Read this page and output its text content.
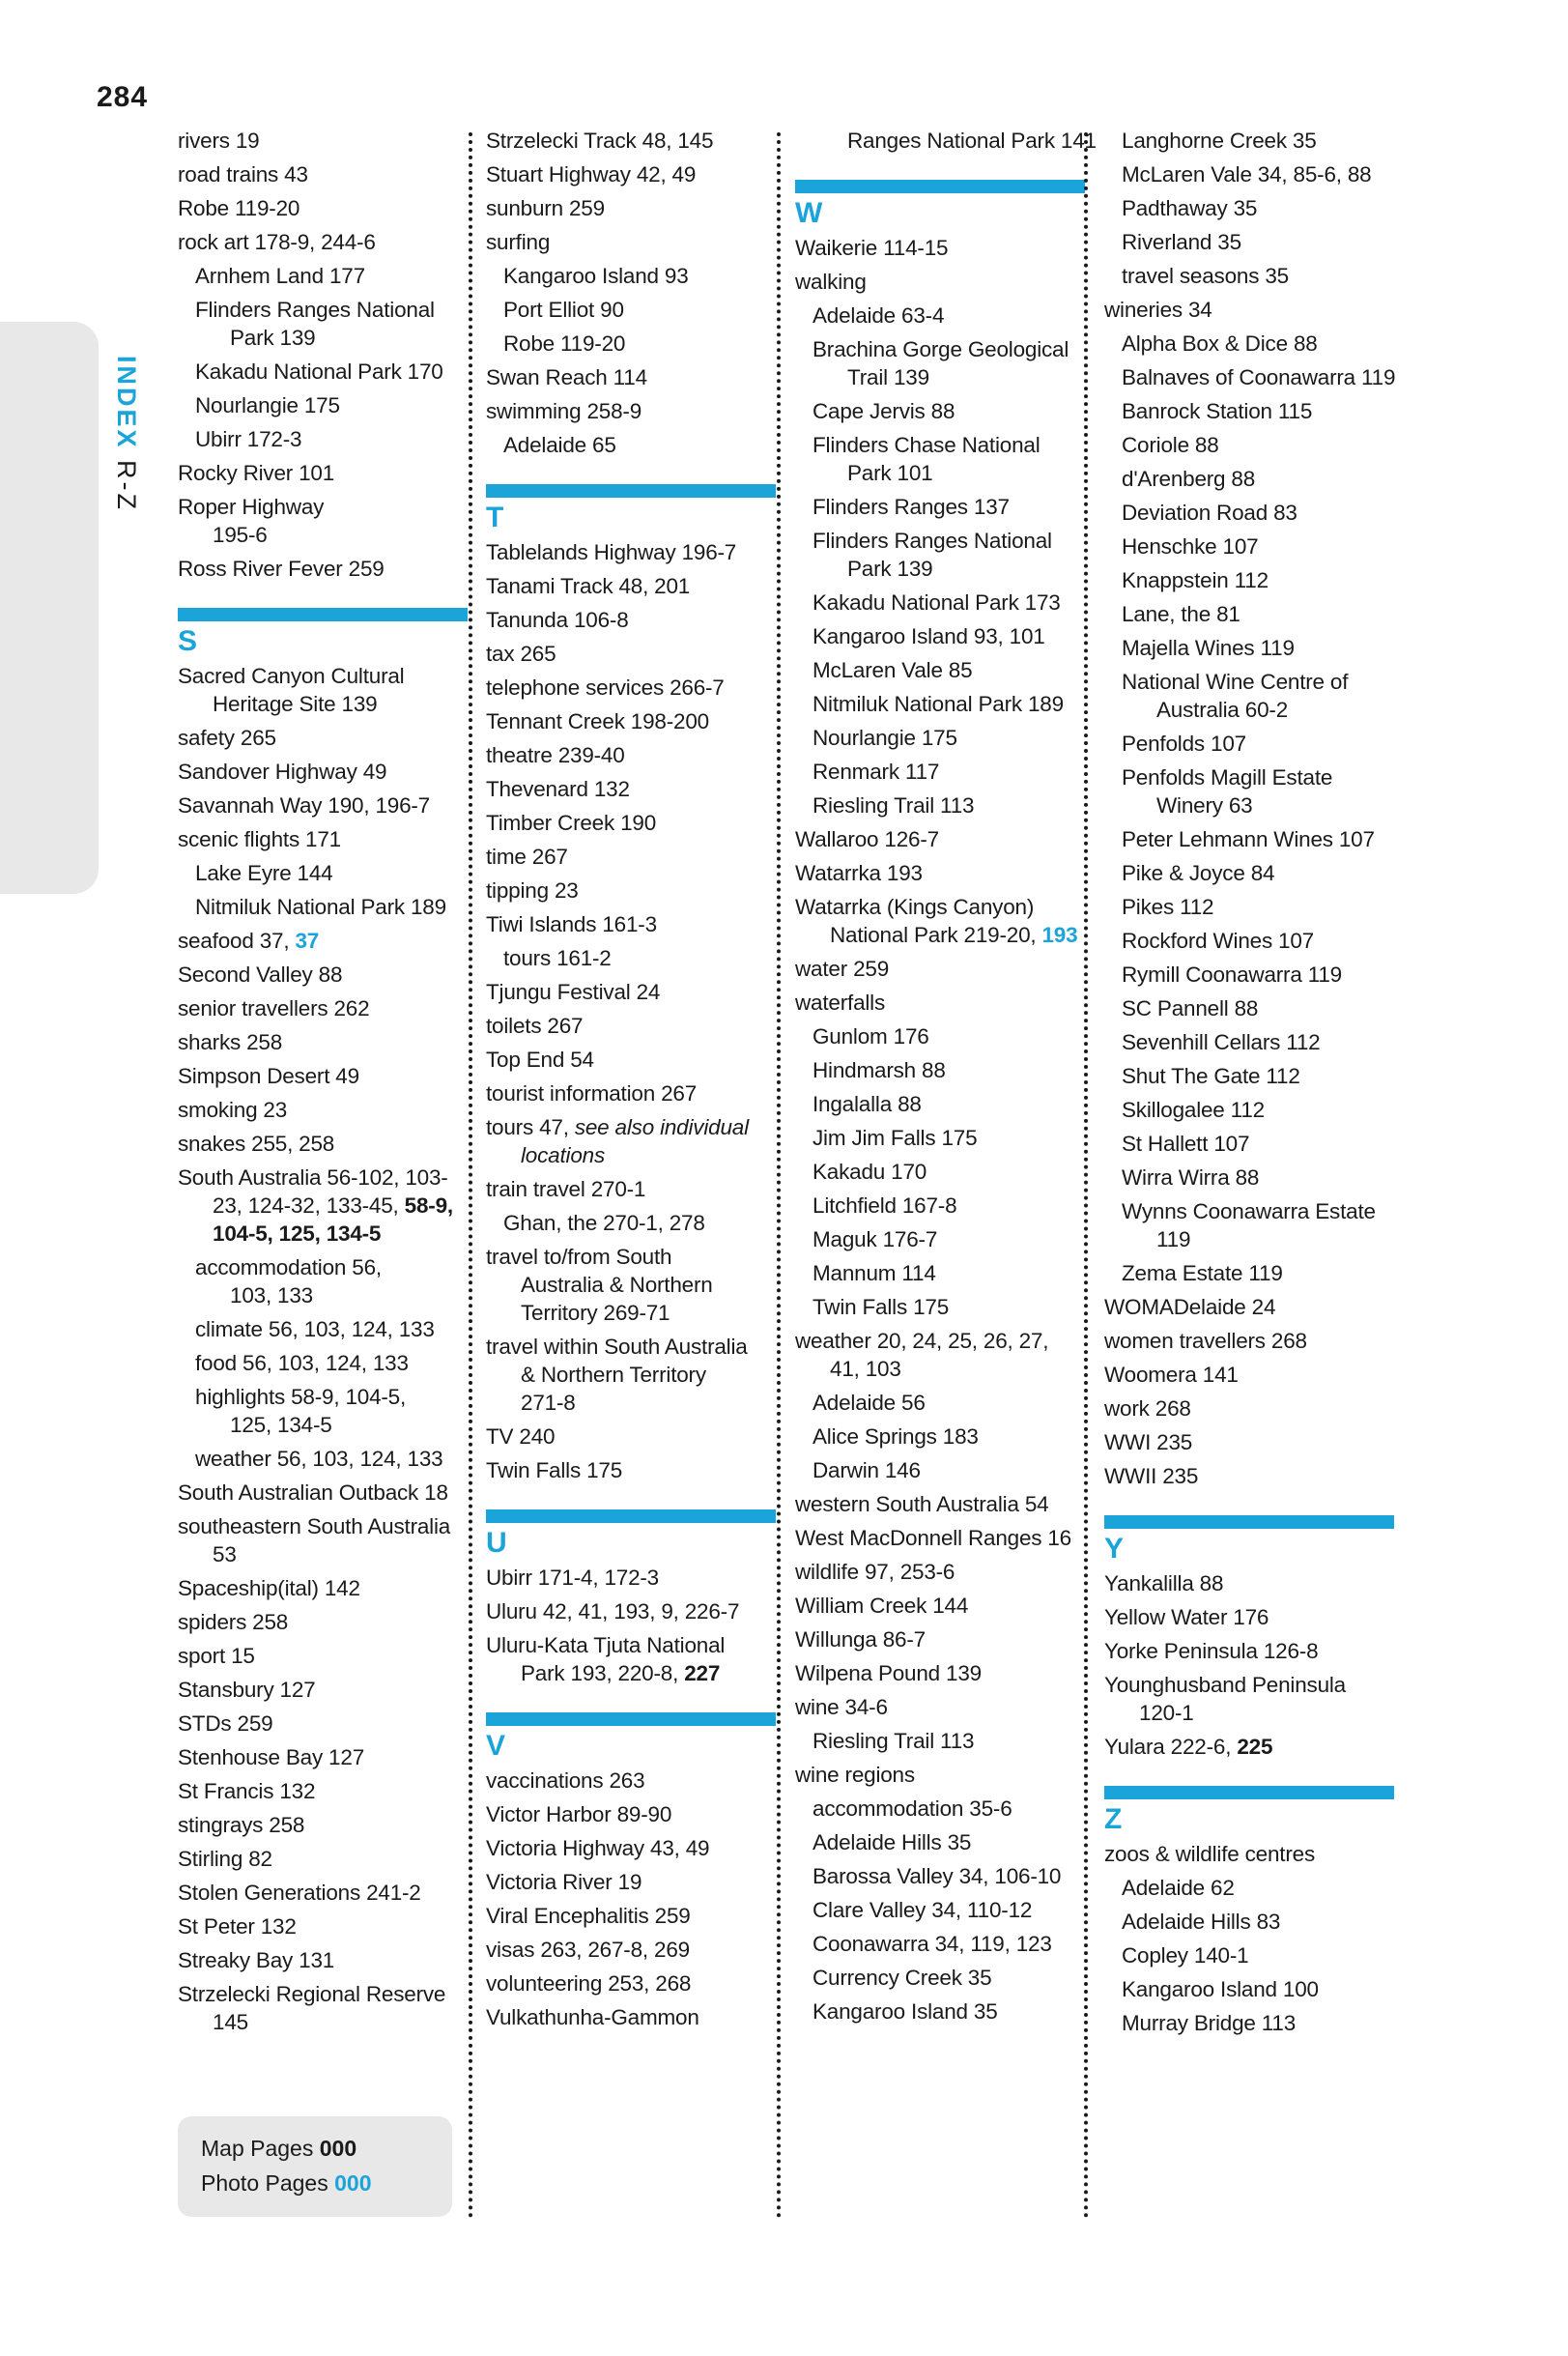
284
INDEX R-Z
rivers 19
road trains 43
Robe 119-20
rock art 178-9, 244-6
Arnhem Land 177
Flinders Ranges National
Park 139
Kakadu National Park 170
Nourlangie 175
Ubirr 172-3
Rocky River 101
Roper Highway
195-6
Ross River Fever 259
S
Sacred Canyon Cultural
Heritage Site 139
safety 265
Sandover Highway 49
Savannah Way 190, 196-7
scenic flights 171
Lake Eyre 144
Nitmiluk National Park 189
seafood 37, 37
Second Valley 88
senior travellers 262
sharks 258
Simpson Desert 49
smoking 23
snakes 255, 258
South Australia 56-102, 103-
23, 124-32, 133-45, 58-9,
104-5, 125, 134-5
accommodation 56,
103, 133
climate 56, 103, 124, 133
food 56, 103, 124, 133
highlights 58-9, 104-5,
125, 134-5
weather 56, 103, 124, 133
South Australian Outback 18
southeastern South Australia
53
Spaceship(ital) 142
spiders 258
sport 15
Stansbury 127
STDs 259
Stenhouse Bay 127
St Francis 132
stingrays 258
Stirling 82
Stolen Generations 241-2
St Peter 132
Streaky Bay 131
Strzelecki Regional Reserve
145
Strzelecki Track 48, 145
Stuart Highway 42, 49
sunburn 259
surfing
Kangaroo Island 93
Port Elliot 90
Robe 119-20
Swan Reach 114
swimming 258-9
Adelaide 65
T
Tablelands Highway 196-7
Tanami Track 48, 201
Tanunda 106-8
tax 265
telephone services 266-7
Tennant Creek 198-200
theatre 239-40
Thevenard 132
Timber Creek 190
time 267
tipping 23
Tiwi Islands 161-3
tours 161-2
Tjungu Festival 24
toilets 267
Top End 54
tourist information 267
tours 47, see also individual
locations
train travel 270-1
Ghan, the 270-1, 278
travel to/from South
Australia & Northern
Territory 269-71
travel within South Australia
& Northern Territory
271-8
TV 240
Twin Falls 175
U
Ubirr 171-4, 172-3
Uluru 42, 41, 193, 9, 226-7
Uluru-Kata Tjuta National
Park 193, 220-8, 227
V
vaccinations 263
Victor Harbor 89-90
Victoria Highway 43, 49
Victoria River 19
Viral Encephalitis 259
visas 263, 267-8, 269
volunteering 253, 268
Vulkathunha-Gammon
Ranges National Park 141
W
Waikerie 114-15
walking
Adelaide 63-4
Brachina Gorge Geological
Trail 139
Cape Jervis 88
Flinders Chase National
Park 101
Flinders Ranges 137
Flinders Ranges National
Park 139
Kakadu National Park 173
Kangaroo Island 93, 101
McLaren Vale 85
Nitmiluk National Park 189
Nourlangie 175
Renmark 117
Riesling Trail 113
Wallaroo 126-7
Watarrka 193
Watarrka (Kings Canyon)
National Park 219-20, 193
water 259
waterfalls
Gunlom 176
Hindmarsh 88
Ingalalla 88
Jim Jim Falls 175
Kakadu 170
Litchfield 167-8
Maguk 176-7
Mannum 114
Twin Falls 175
weather 20, 24, 25, 26, 27,
41, 103
Adelaide 56
Alice Springs 183
Darwin 146
western South Australia 54
West MacDonnell Ranges 16
wildlife 97, 253-6
William Creek 144
Willunga 86-7
Wilpena Pound 139
wine 34-6
Riesling Trail 113
wine regions
accommodation 35-6
Adelaide Hills 35
Barossa Valley 34, 106-10
Clare Valley 34, 110-12
Coonawarra 34, 119, 123
Currency Creek 35
Kangaroo Island 35
Langhorne Creek 35
McLaren Vale 34, 85-6, 88
Padthaway 35
Riverland 35
travel seasons 35
wineries 34
Alpha Box & Dice 88
Balnaves of Coonawarra 119
Banrock Station 115
Coriole 88
d'Arenberg 88
Deviation Road 83
Henschke 107
Knappstein 112
Lane, the 81
Majella Wines 119
National Wine Centre of
Australia 60-2
Penfolds 107
Penfolds Magill Estate
Winery 63
Peter Lehmann Wines 107
Pike & Joyce 84
Pikes 112
Rockford Wines 107
Rymill Coonawarra 119
SC Pannell 88
Sevenhill Cellars 112
Shut The Gate 112
Skillogalee 112
St Hallett 107
Wirra Wirra 88
Wynns Coonawarra Estate
119
Zema Estate 119
WOMADelaide 24
women travellers 268
Woomera 141
work 268
WWI 235
WWII 235
Y
Yankalilla 88
Yellow Water 176
Yorke Peninsula 126-8
Younghusband Peninsula
120-1
Yulara 222-6, 225
Z
zoos & wildlife centres
Adelaide 62
Adelaide Hills 83
Copley 140-1
Kangaroo Island 100
Murray Bridge 113
Map Pages 000
Photo Pages 000
